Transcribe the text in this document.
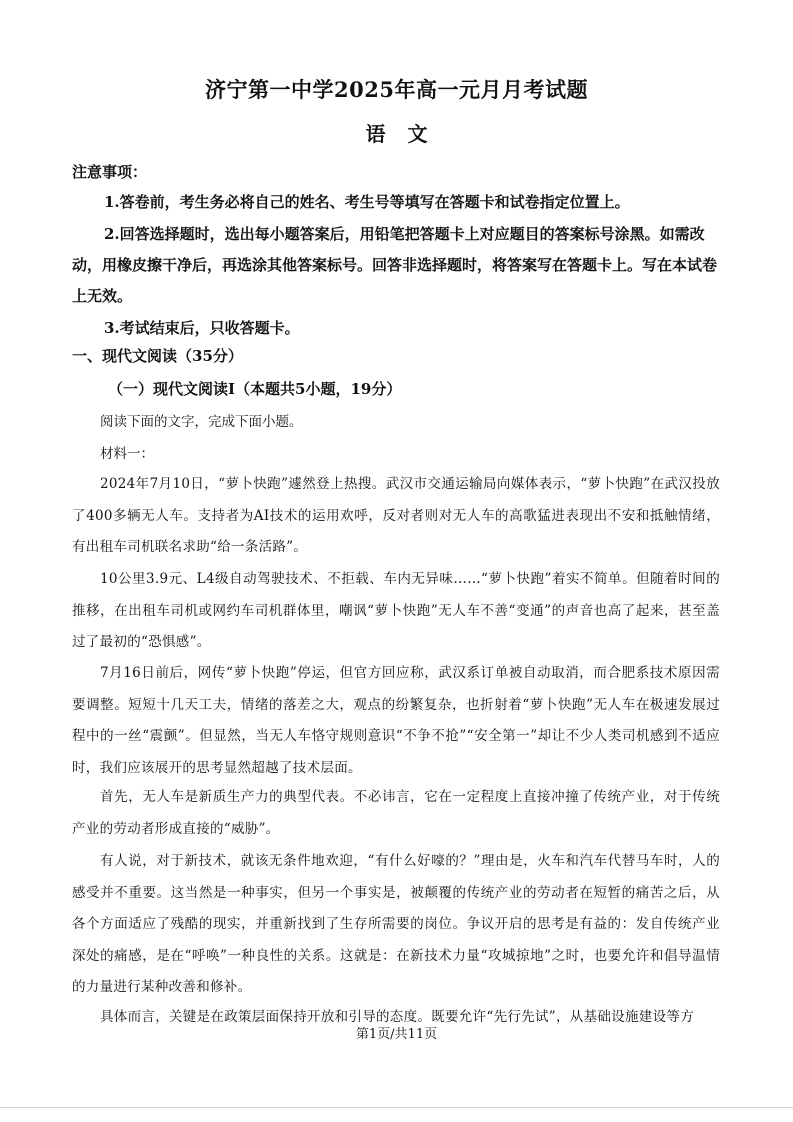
济宁第一中学2025年高一元月月考试题
语文
注意事项：
1.答卷前，考生务必将自己的姓名、考生号等填写在答题卡和试卷指定位置上。
2.回答选择题时，选出每小题答案后，用铅笔把答题卡上对应题目的答案标号涂黑。如需改动，用橡皮擦干净后，再选涂其他答案标号。回答非选择题时，将答案写在答题卡上。写在本试卷上无效。
3.考试结束后，只收答题卡。
一、现代文阅读（35分）
（一）现代文阅读Ⅰ（本题共5小题，19分）
阅读下面的文字，完成下面小题。
材料一：
2024年7月10日，“萝卜快跑”遽然登上热搜。武汉市交通运输局向媒体表示，“萝卜快跑”在武汉投放了400多辆无人车。支持者为AI技术的运用欢呼，反对者则对无人车的高歌猛进表现出不安和抵触情绪，有出租车司机联名求助“给一条活路”。
10公里3.9元、L4级自动驾驶技术、不拒载、车内无异味……“萝卜快跑”着实不简单。但随着时间的推移，在出租车司机或网约车司机群体里，嘲讽“萝卜快跑”无人车不善“变通”的声音也高了起来，甚至盖过了最初的“恐惧感”。
7月16日前后，网传“萝卜快跑”停运，但官方回应称，武汉系订单被自动取消，而合肥系技术原因需要调整。短短十几天工夫，情绪的落差之大，观点的纷繁复杂，也折射着“萝卜快跑”无人车在极速发展过程中的一丝“震颤”。但显然，当无人车恪守规则意识“不争不抢”“安全第一”却让不少人类司机感到不适应时，我们应该展开的思考显然超越了技术层面。
首先，无人车是新质生产力的典型代表。不必讳言，它在一定程度上直接冲撞了传统产业，对于传统产业的劳动者形成直接的“威胁”。
有人说，对于新技术，就该无条件地欢迎，“有什么好嚎的？”理由是，火车和汽车代替马车时，人的感受并不重要。这当然是一种事实，但另一个事实是，被颠覆的传统产业的劳动者在短暂的痛苦之后，从各个方面适应了残酷的现实，并重新找到了生存所需要的岗位。争议开启的思考是有益的：发自传统产业深处的痛感，是在“呼唤”一种良性的关系。这就是：在新技术力量“攻城掠地”之时，也要允许和倡导温情的力量进行某种改善和修补。
具体而言，关键是在政策层面保持开放和引导的态度。既要允许“先行先试”，从基础设施建设等方
第1页/共11页
